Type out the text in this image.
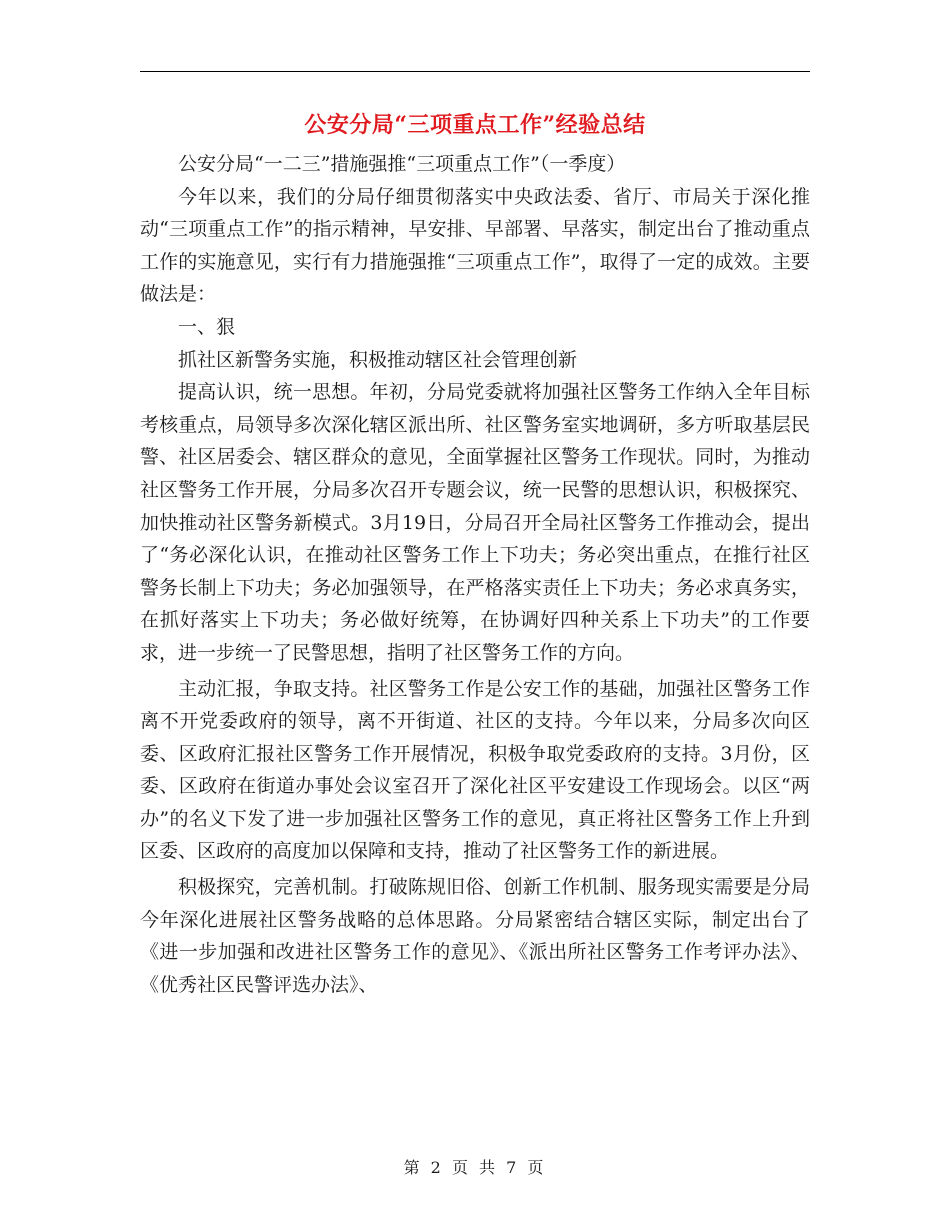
公安分局“三项重点工作”经验总结

公安分局“一二三”措施强推“三项重点工作”（一季度）

今年以来，我们的分局仔细贯彻落实中央政法委、省厅、市局关于深化推动“三项重点工作”的指示精神，早安排、早部署、早落实，制定出台了推动重点工作的实施意见，实行有力措施强推“三项重点工作”，取得了一定的成效。主要做法是：

一、狠

抓社区新警务实施，积极推动辖区社会管理创新

提高认识，统一思想。年初，分局党委就将加强社区警务工作纳入全年目标考核重点，局领导多次深化辖区派出所、社区警务室实地调研，多方听取基层民警、社区居委会、辖区群众的意见，全面掌握社区警务工作现状。同时，为推动社区警务工作开展，分局多次召开专题会议，统一民警的思想认识，积极探究、加快推动社区警务新模式。3月19日，分局召开全局社区警务工作推动会，提出了“务必深化认识，在推动社区警务工作上下功夫；务必突出重点，在推行社区警务长制上下功夫；务必加强领导，在严格落实责任上下功夫；务必求真务实，在抓好落实上下功夫；务必做好统筹，在协调好四种关系上下功夫”的工作要求，进一步统一了民警思想，指明了社区警务工作的方向。

主动汇报，争取支持。社区警务工作是公安工作的基础，加强社区警务工作离不开党委政府的领导，离不开街道、社区的支持。今年以来，分局多次向区委、区政府汇报社区警务工作开展情况，积极争取党委政府的支持。3月份，区委、区政府在街道办事处会议室召开了深化社区平安建设工作现场会。以区“两办”的名义下发了进一步加强社区警务工作的意见，真正将社区警务工作上升到区委、区政府的高度加以保障和支持，推动了社区警务工作的新进展。

积极探究，完善机制。打破陈规旧俗、创新工作机制、服务现实需要是分局今年深化进展社区警务战略的总体思路。分局紧密结合辖区实际，制定出台了《进一步加强和改进社区警务工作的意见》、《派出所社区警务工作考评办法》、《优秀社区民警评选办法》、

第 2 页 共 7 页
